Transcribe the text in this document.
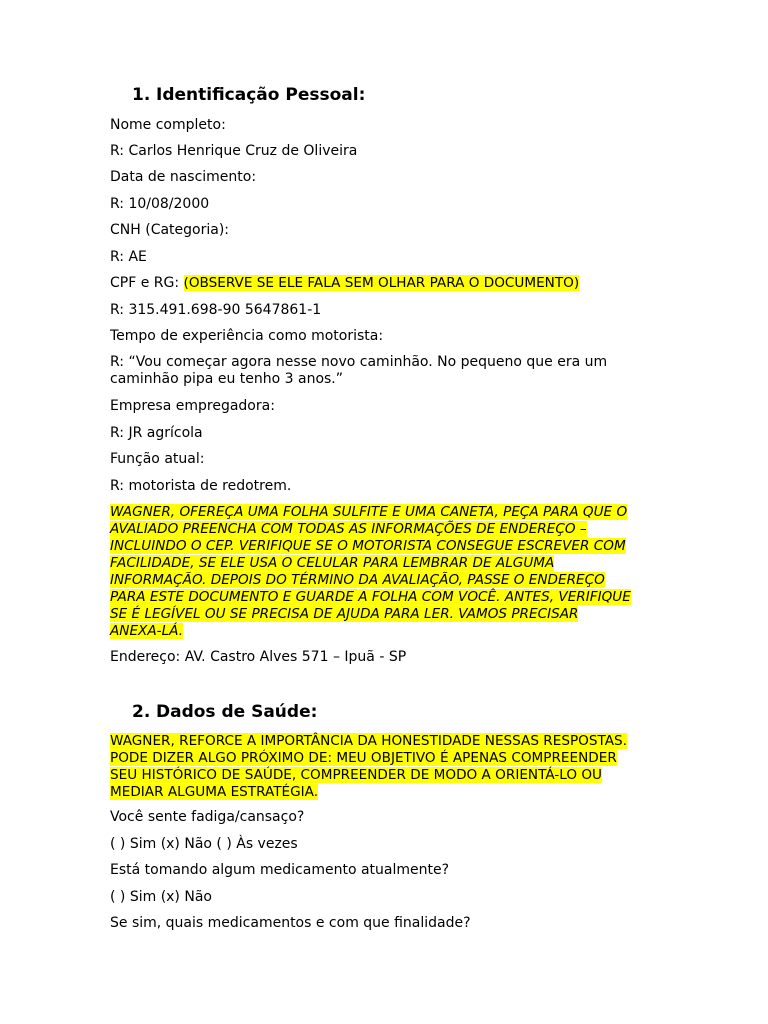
1. Identificação Pessoal:
Nome completo:
R: Carlos Henrique Cruz de Oliveira
Data de nascimento:
R: 10/08/2000
CNH (Categoria):
R: AE
CPF e RG: (OBSERVE SE ELE FALA SEM OLHAR PARA O DOCUMENTO)
R: 315.491.698-90 5647861-1
Tempo de experiência como motorista:
R: “Vou começar agora nesse novo caminhão. No pequeno que era um
caminhão pipa eu tenho 3 anos.”
Empresa empregadora:
R: JR agrícola
Função atual:
R: motorista de redotrem.
WAGNER, OFEREÇA UMA FOLHA SULFITE E UMA CANETA, PEÇA PARA QUE O
AVALIADO PREENCHA COM TODAS AS INFORMAÇÕES DE ENDEREÇO –
INCLUINDO O CEP. VERIFIQUE SE O MOTORISTA CONSEGUE ESCREVER COM
FACILIDADE, SE ELE USA O CELULAR PARA LEMBRAR DE ALGUMA
INFORMAÇÃO. DEPOIS DO TÉRMINO DA AVALIAÇÃO, PASSE O ENDEREÇO
PARA ESTE DOCUMENTO E GUARDE A FOLHA COM VOCÊ. ANTES, VERIFIQUE
SE É LEGÍVEL OU SE PRECISA DE AJUDA PARA LER. VAMOS PRECISAR
ANEXA-LÁ.
Endereço: AV. Castro Alves 571 – Ipuã - SP
2. Dados de Saúde:
WAGNER, REFORCE A IMPORTÂNCIA DA HONESTIDADE NESSAS RESPOSTAS.
PODE DIZER ALGO PRÓXIMO DE: MEU OBJETIVO É APENAS COMPREENDER
SEU HISTÓRICO DE SAÚDE, COMPREENDER DE MODO A ORIENTÁ-LO OU
MEDIAR ALGUMA ESTRATÉGIA.
Você sente fadiga/cansaço?
( ) Sim (x) Não ( ) Às vezes
Está tomando algum medicamento atualmente?
( ) Sim (x) Não
Se sim, quais medicamentos e com que finalidade?
